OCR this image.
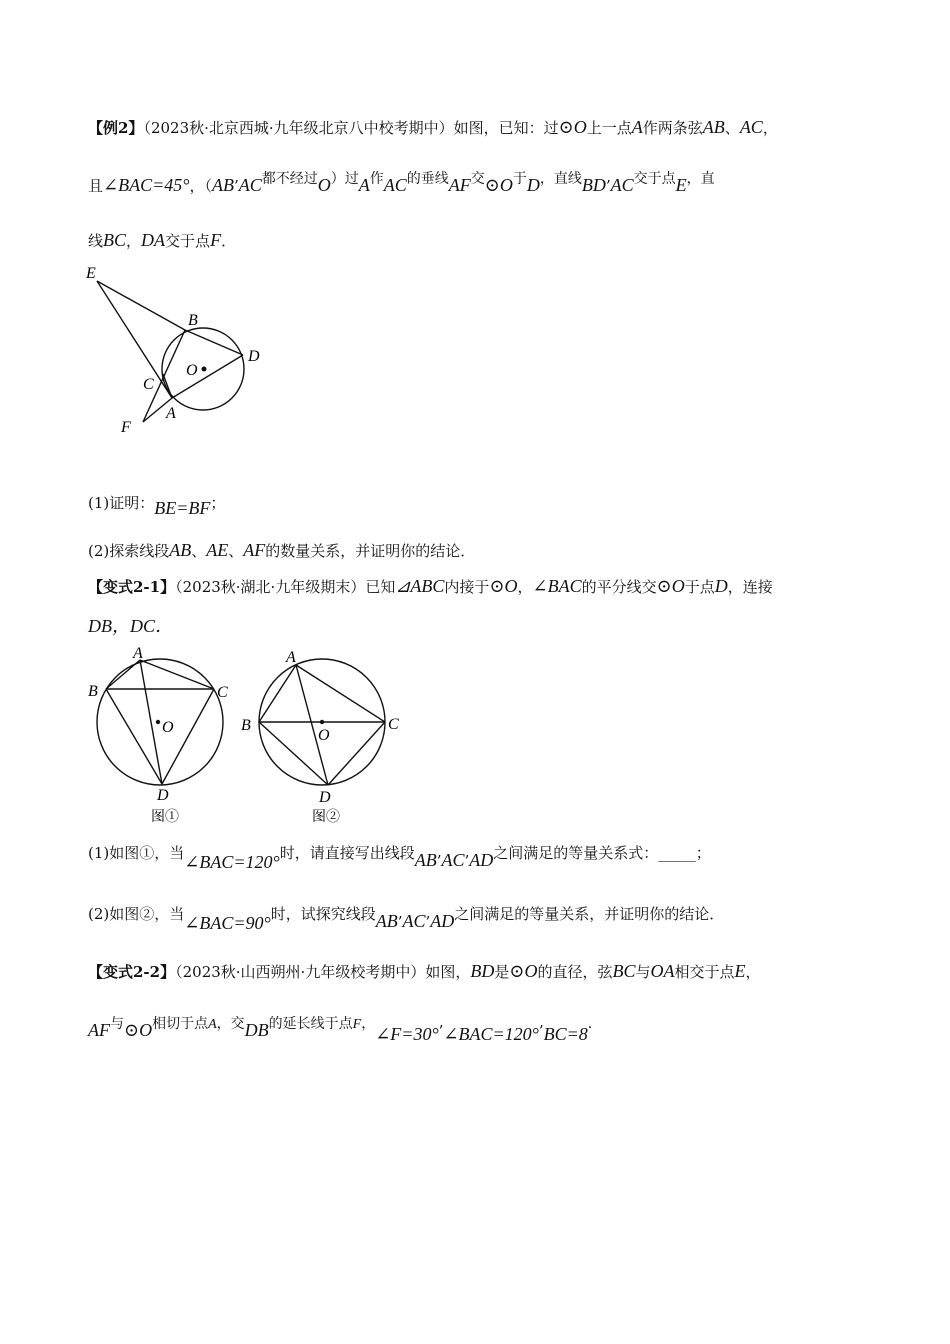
【例2】（2023秋·北京西城·九年级北京八中校考期中）如图，已知：过⊙O上一点A作两条弦AB、AC，
且∠BAC=45°，（AB’AC都不经过O）过A作AC的垂线AF交⊙O于D，直线BD’AC交于点E，直
线BC，DA交于点F．
E
B
D
O
C
A
F
(1)证明：BE=BF；
(2)探索线段AB、AE、AF的数量关系，并证明你的结论．
【变式2-1】（2023秋·湖北·九年级期末）已知⊿ABC内接于⊙O，∠BAC的平分线交⊙O于点D，连接
DB，DC．
A
B	C
O
D
图①
A
B	C
O
D
图②
(1)如图①，当∠BAC=120°时，请直接写出线段AB’AC’AD之间满足的等量关系式：_____；
(2)如图②，当∠BAC=90°时，试探究线段AB’AC’AD之间满足的等量关系，并证明你的结论．
【变式2-2】（2023秋·山西朔州·九年级校考期中）如图，BD是⊙O的直径，弦BC与OA相交于点E，
AF与⊙O相切于点A，交DB的延长线于点F，∠F=30°’∠BAC=120°’BC=8.
